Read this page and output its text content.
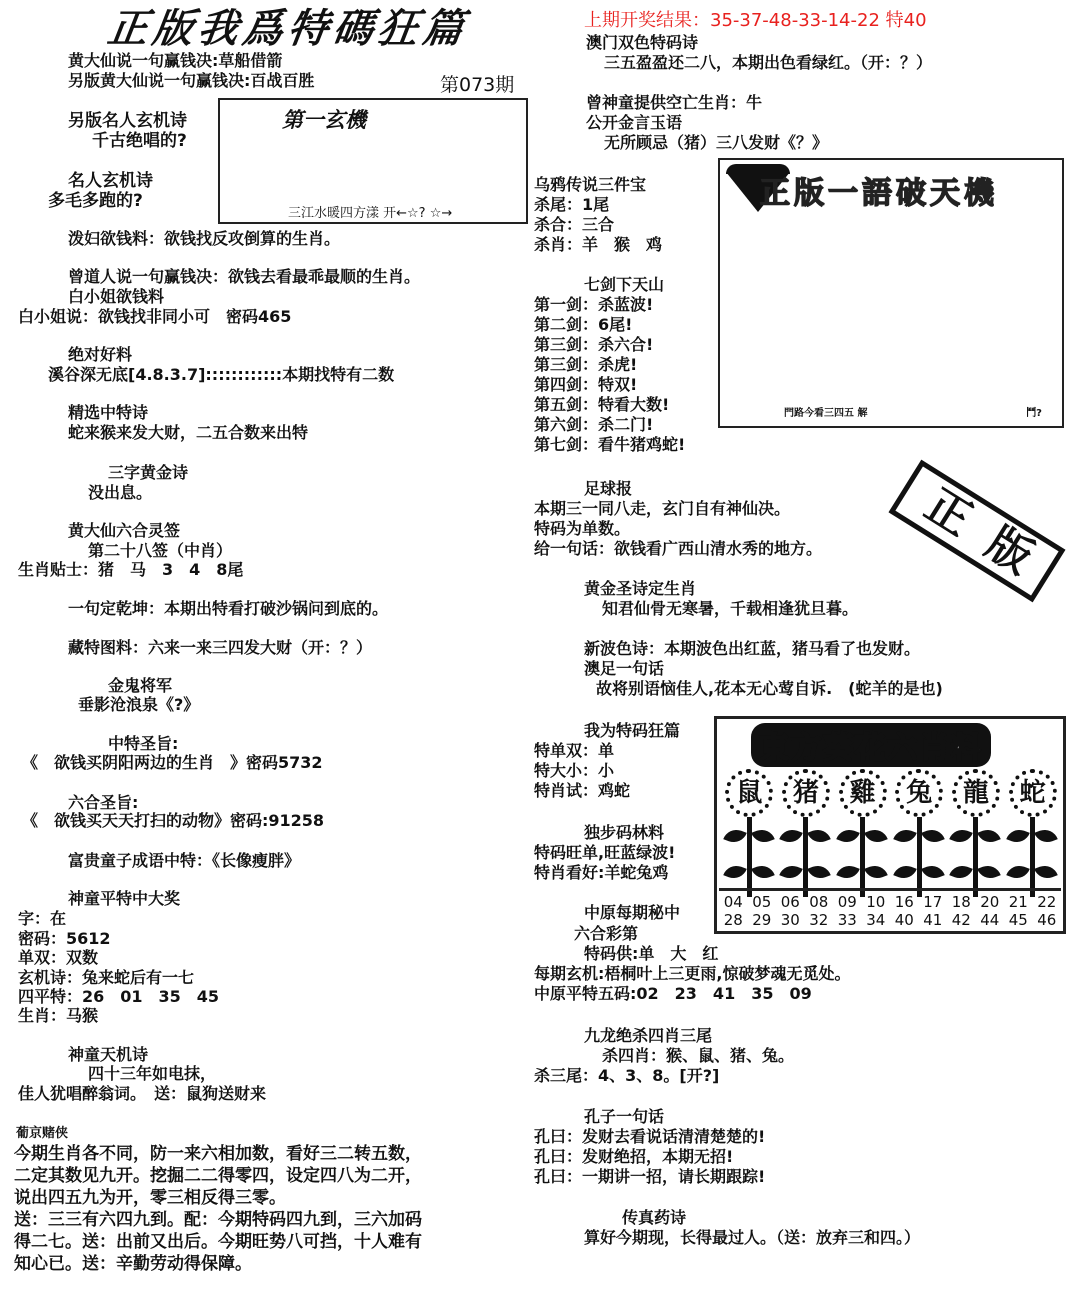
正版我爲特碼狂篇
第073期
上期开奖结果：35-37-48-33-14-22 特40
黄大仙说一句赢钱决:草船借箭
另版黄大仙说一句赢钱决:百战百胜
另版名人玄机诗
千古绝唱的?
名人玄机诗
多毛多跑的?
第一玄機
三江水暖四方漾 开←☆? ☆→
泼妇欲钱料：欲钱找反攻倒算的生肖。
曾道人说一句赢钱决：欲钱去看最乖最顺的生肖。
白小姐欲钱料
白小姐说：欲钱找非同小可　密码465
绝对好料
溪谷深无底[4.8.3.7]::::::::::::本期找特有二数
精选中特诗
蛇来猴来发大财，二五合数来出特
三字黄金诗
没出息。
黄大仙六合灵签
第二十八签（中肖）
生肖贴士：猪　马　3　4　8尾
一句定乾坤：本期出特看打破沙锅问到底的。
藏特图料：六来一来三四发大财（开：？）
金鬼将军
垂影沧浪泉《?》
中特圣旨:
《　欲钱买阴阳两边的生肖　》密码5732
六合圣旨:
《　欲钱买天天打扫的动物》密码:91258
富贵童子成语中特：《长像瘦胖》
神童平特中大奖
字：在
密码：5612
单双：双数
玄机诗：兔来蛇后有一七
四平特：26　01　35　45
生肖：马猴
神童天机诗
四十三年如电抹，
佳人犹唱醉翁词。　送：鼠狗送财来
葡京赌侠
今期生肖各不同，防一来六相加数，看好三二转五数，
二定其数见九开。挖掘二二得零四，设定四八为二开，
说出四五九为开，零三相反得三零。
送：三三有六四九到。配：今期特码四九到，三六加码
得二七。送：出前又出后。今期旺势八可挡，十人难有
知心已。送：辛勤劳动得保障。
澳门双色特码诗
三五盈盈还二八，本期出色看绿红。（开：？）
曾神童提供空亡生肖：牛
公开金言玉语
无所顾忌（猪）三八发财《？》
乌鸦传说三件宝
杀尾：1尾
杀合：三合
杀肖：羊　猴　鸡
七剑下天山
第一剑：杀蓝波!
第二剑：6尾!
第三剑：杀六合!
第三剑：杀虎!
第四剑：特双!
第五剑：特看大数!
第六剑：杀二门!
第七剑：看牛猪鸡蛇!
正版一語破天機
門路今看三四五 解	鬥?
足球报
本期三一同八走，玄门自有神仙决。
特码为单数。
给一句话：欲钱看广西山清水秀的地方。	正版
黄金圣诗定生肖
知君仙骨无寒暑，千载相逢犹旦暮。
新波色诗：本期波色出红蓝，猪马看了也发财。
澳足一句话
故将别语恼佳人,花本无心莺自诉.　(蛇羊的是也)
我为特码狂篇
特单双：单
特大小：小
特肖试：鸡蛇
独步码林料
特码旺单,旺蓝绿波!
特肖看好:羊蛇兔鸡
東方葵花六肖料
鼠	猪	雞	兔	龍	蛇
04 05 06 08 09 10 16 17 18 20 21 22
28 29 30 32 33 34 40 41 42 44 45 46
中原每期秘中
六合彩第
特码供:单　大　红
每期玄机:梧桐叶上三更雨,惊破梦魂无觅处。
中原平特五码:02　23　41　35　09
九龙绝杀四肖三尾
杀四肖：猴、鼠、猪、兔。
杀三尾：4、3、8。[开?]
孔子一句话
孔曰：发财去看说话清清楚楚的!
孔曰：发财绝招，本期无招!
孔曰：一期讲一招，请长期跟踪!
传真药诗
算好今期现，长得最过人。（送：放弃三和四。）
